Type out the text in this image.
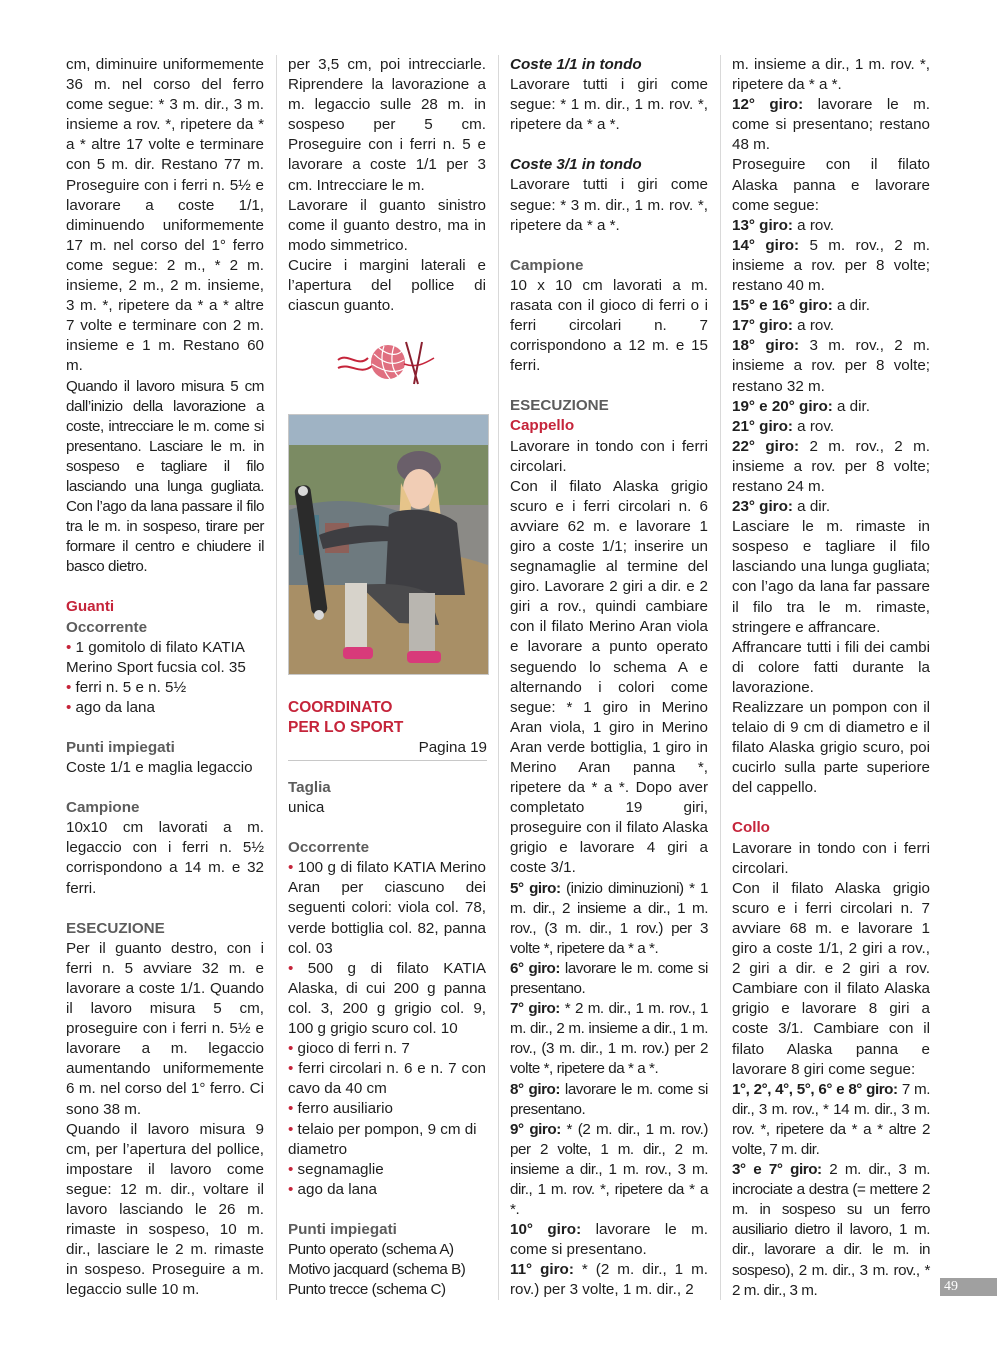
cm, diminuire uniformemente 36 m. nel corso del ferro come segue: * 3 m. dir., 3 m. insieme a rov. *, ripetere da * a * altre 17 volte e terminare con 5 m. dir. Restano 77 m. Proseguire con i ferri n. 5½ e lavorare a coste 1/1, diminuendo uniformemente 17 m. nel corso del 1° ferro come segue: 2 m., * 2 m. insieme, 2 m., 2 m. insieme, 3 m. *, ripetere da * a * altre 7 volte e terminare con 2 m. insieme e 1 m. Restano 60 m.

Quando il lavoro misura 5 cm dall’inizio della lavorazione a coste, intrecciare le m. come si presentano. Lasciare le m. in sospeso e tagliare il filo lasciando una lunga gugliata. Con l’ago da lana passare il filo tra le m. in sospeso, tirare per formare il centro e chiudere il basco dietro.

Guanti

Occorrente

• 1 gomitolo di filato KATIA Merino Sport fucsia col. 35

• ferri n. 5 e n. 5½

• ago da lana

Punti impiegati

Coste 1/1 e maglia legaccio

Campione

10x10 cm lavorati a m. legaccio con i ferri n. 5½ corrispondono a 14 m. e 32 ferri.

ESECUZIONE

Per il guanto destro, con i ferri n. 5 avviare 32 m. e lavorare a coste 1/1. Quando il lavoro misura 5 cm, proseguire con i ferri n. 5½ e lavorare a m. legaccio aumentando uniformemente 6 m. nel corso del 1° ferro. Ci sono 38 m.

Quando il lavoro misura 9 cm, per l’apertura del pollice, impostare il lavoro come segue: 12 m. dir., voltare il lavoro lasciando le 26 m. rimaste in sospeso, 10 m. dir., lasciare le 2 m. rimaste in sospeso. Proseguire a m. legaccio sulle 10 m.

per 3,5 cm, poi intrecciarle. Riprendere la lavorazione a m. legaccio sulle 28 m. in sospeso per 5 cm. Proseguire con i ferri n. 5 e lavorare a coste 1/1 per 3 cm. Intrecciare le m.

Lavorare il guanto sinistro come il guanto destro, ma in modo simmetrico.

Cucire i margini laterali e l’apertura del pollice di ciascun guanto.

COORDINATO
PER LO SPORT
Pagina 19

Taglia

unica

Occorrente

• 100 g di filato KATIA Merino Aran per ciascuno dei seguenti colori: viola col. 78, verde bottiglia col. 82, panna col. 03

• 500 g di filato KATIA Alaska, di cui 200 g panna col. 3, 200 g grigio col. 9, 100 g grigio scuro col. 10

• gioco di ferri n. 7

• ferri circolari n. 6 e n. 7 con cavo da 40 cm

• ferro ausiliario

• telaio per pompon, 9 cm di diametro

• segnamaglie

• ago da lana

Punti impiegati

Punto operato (schema A)

Motivo jacquard (schema B)

Punto trecce (schema C)

Coste 1/1 in tondo

Lavorare tutti i giri come segue: * 1 m. dir., 1 m. rov. *, ripetere da * a *.

Coste 3/1 in tondo

Lavorare tutti i giri come segue: * 3 m. dir., 1 m. rov. *, ripetere da * a *.

Campione

10 x 10 cm lavorati a m. rasata con il gioco di ferri o i ferri circolari n. 7 corrispondono a 12 m. e 15 ferri.

ESECUZIONE

Cappello

Lavorare in tondo con i ferri circolari.

Con il filato Alaska grigio scuro e i ferri circolari n. 6 avviare 62 m. e lavorare 1 giro a coste 1/1; inserire un segnamaglie al termine del giro. Lavorare 2 giri a dir. e 2 giri a rov., quindi cambiare con il filato Merino Aran viola e lavorare a punto operato seguendo lo schema A e alternando i colori come segue: * 1 giro in Merino Aran viola, 1 giro in Merino Aran verde bottiglia, 1 giro in Merino Aran panna *, ripetere da * a *. Dopo aver completato 19 giri, proseguire con il filato Alaska grigio e lavorare 4 giri a coste 3/1.

5° giro: (inizio diminuzioni) * 1 m. dir., 2 insieme a dir., 1 m. rov., (3 m. dir., 1 rov.) per 3 volte *, ripetere da * a *.

6° giro: lavorare le m. come si presentano.

7° giro: * 2 m. dir., 1 m. rov., 1 m. dir., 2 m. insieme a dir., 1 m. rov., (3 m. dir., 1 m. rov.) per 2 volte *, ripetere da * a *.

8° giro: lavorare le m. come si presentano.

9° giro: * (2 m. dir., 1 m. rov.) per 2 volte, 1 m. dir., 2 m. insieme a dir., 1 m. rov., 3 m. dir., 1 m. rov. *, ripetere da * a *.

10° giro: lavorare le m. come si presentano.

11° giro: * (2 m. dir., 1 m. rov.) per 3 volte, 1 m. dir., 2

m. insieme a dir., 1 m. rov. *, ripetere da * a *.

12° giro: lavorare le m. come si presentano; restano 48 m.

Proseguire con il filato Alaska panna e lavorare come segue:

13° giro: a rov.

14° giro: 5 m. rov., 2 m. insieme a rov. per 8 volte; restano 40 m.

15° e 16° giro: a dir.

17° giro: a rov.

18° giro: 3 m. rov., 2 m. insieme a rov. per 8 volte; restano 32 m.

19° e 20° giro: a dir.

21° giro: a rov.

22° giro: 2 m. rov., 2 m. insieme a rov. per 8 volte; restano 24 m.

23° giro: a dir.

Lasciare le m. rimaste in sospeso e tagliare il filo lasciando una lunga gugliata; con l’ago da lana far passare il filo tra le m. rimaste, stringere e affrancare.

Affrancare tutti i fili dei cambi di colore fatti durante la lavorazione.

Realizzare un pompon con il telaio di 9 cm di diametro e il filato Alaska grigio scuro, poi cucirlo sulla parte superiore del cappello.

Collo

Lavorare in tondo con i ferri circolari.

Con il filato Alaska grigio scuro e i ferri circolari n. 7 avviare 68 m. e lavorare 1 giro a coste 1/1, 2 giri a rov., 2 giri a dir. e 2 giri a rov. Cambiare con il filato Alaska grigio e lavorare 8 giri a coste 3/1. Cambiare con il filato Alaska panna e lavorare 8 giri come segue:

1°, 2°, 4°, 5°, 6° e 8° giro: 7 m. dir., 3 m. rov., * 14 m. dir., 3 m. rov. *, ripetere da * a * altre 2 volte, 7 m. dir.

3° e 7° giro: 2 m. dir., 3 m. incrociate a destra (= mettere 2 m. in sospeso su un ferro ausiliario dietro il lavoro, 1 m. dir., lavorare a dir. le m. in sospeso), 2 m. dir., 3 m. rov., * 2 m. dir., 3 m.	49
